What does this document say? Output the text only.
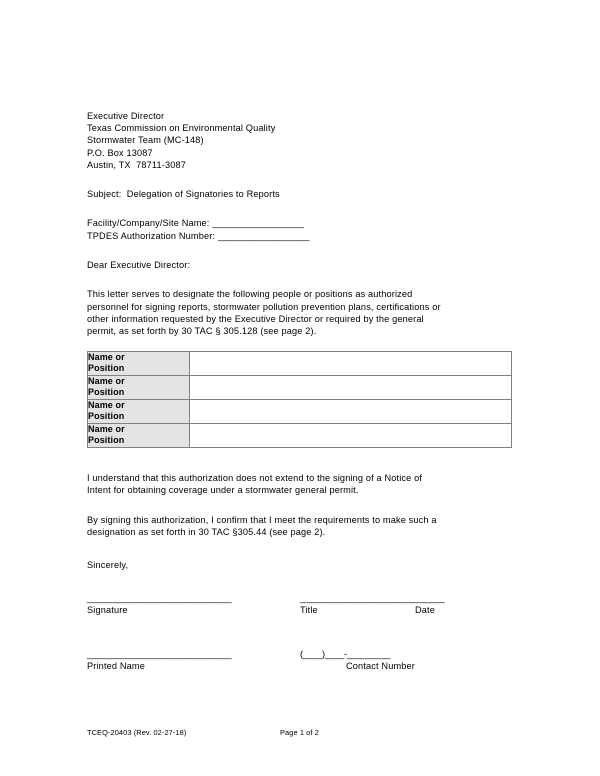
Executive Director
Texas Commission on Environmental Quality
Stormwater Team (MC-148)
P.O. Box 13087
Austin, TX  78711-3087
Subject:  Delegation of Signatories to Reports
Facility/Company/Site Name: ___________________
TPDES Authorization Number: ___________________
Dear Executive Director:
This letter serves to designate the following people or positions as authorized
personnel for signing reports, stormwater pollution prevention plans, certifications or
other information requested by the Executive Director or required by the general
permit, as set forth by 30 TAC § 305.128 (see page 2).
Name or
Position	

Name or
Position	

Name or
Position	

Name or
Position	

I understand that this authorization does not extend to the signing of a Notice of
Intent for obtaining coverage under a stormwater general permit.
By signing this authorization, I confirm that I meet the requirements to make such a
designation as set forth in 30 TAC §305.44 (see page 2).
Sincerely,
______________________________
Signature
______________________________
Title	Date
______________________________
Printed Name
(____)____-_________
Contact Number
TCEQ-20403 (Rev. 02-27-18)	Page 1 of 2
